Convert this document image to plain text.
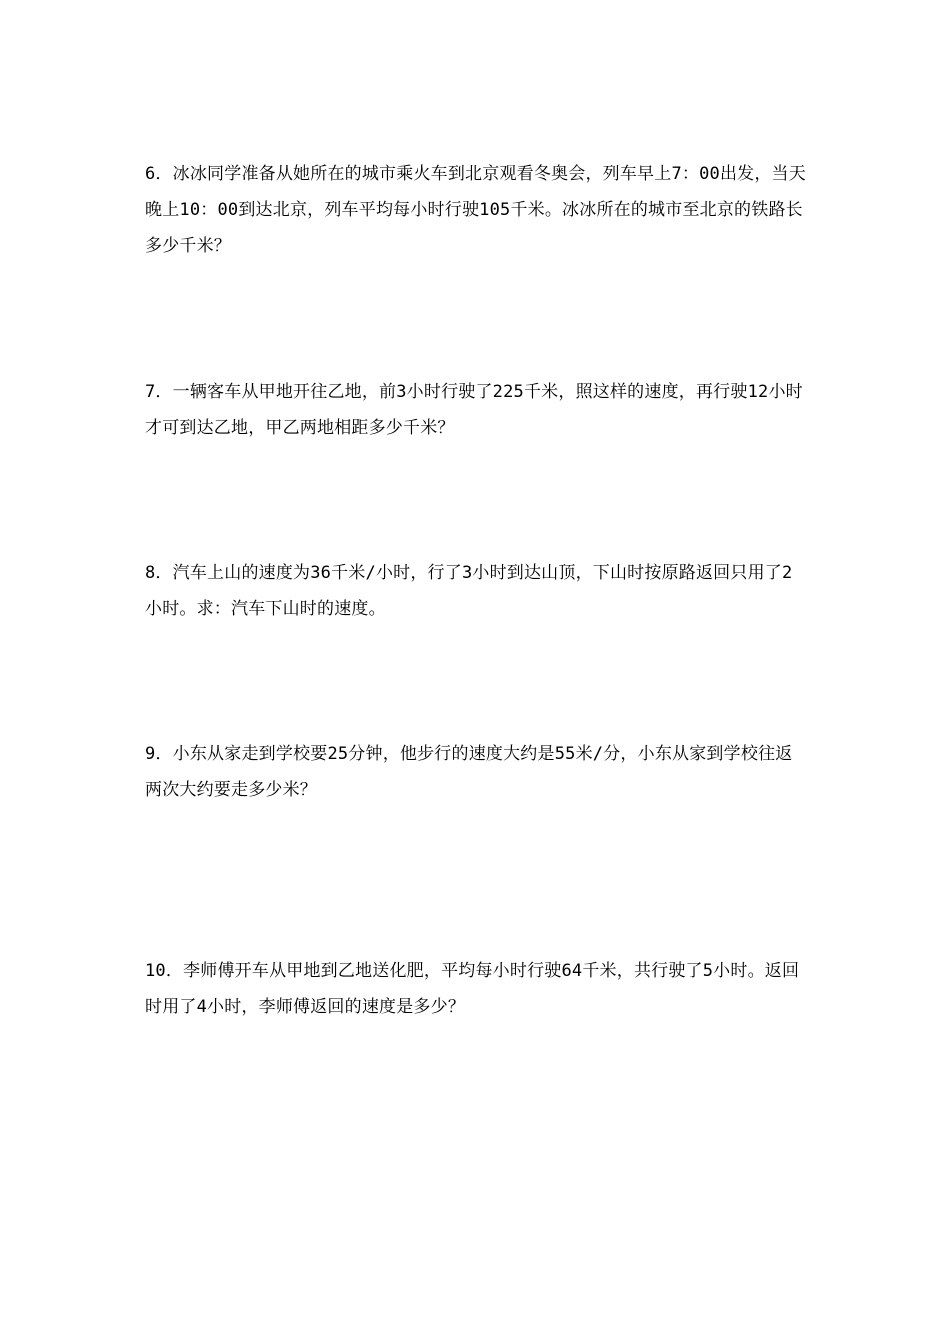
6．冰冰同学准备从她所在的城市乘火车到北京观看冬奥会，列车早上7：00出发，当天晚上10：00到达北京，列车平均每小时行驶105千米。冰冰所在的城市至北京的铁路长多少千米？
7．一辆客车从甲地开往乙地，前3小时行驶了225千米，照这样的速度，再行驶12小时才可到达乙地，甲乙两地相距多少千米？
8．汽车上山的速度为36千米/小时，行了3小时到达山顶，下山时按原路返回只用了2小时。求：汽车下山时的速度。
9．小东从家走到学校要25分钟，他步行的速度大约是55米/分，小东从家到学校往返两次大约要走多少米？
10．李师傅开车从甲地到乙地送化肥，平均每小时行驶64千米，共行驶了5小时。返回时用了4小时，李师傅返回的速度是多少？
